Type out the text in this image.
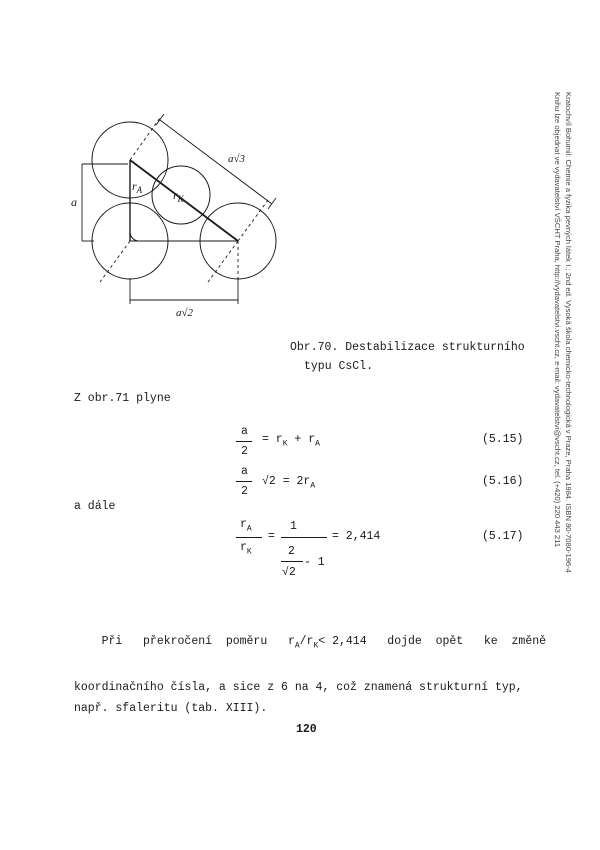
Kratochvíl Bohumil: Chemie a fyzika pevných látek I.; 2nd ed. Vysoká škola chemicko-technologická v Praze, Praha 1984. ISBN 80-7080-196-4
Knihu lze objednat ve vydavatelství VŠCHT Praha, http://vydavatelstvi.vscht.cz, e-mail: vydavatelstvi@vscht.cz, tel. (+420) 220 443 211
a
$r_A$	$r_K$
a√3
a√2
Obr.70. Destabilizace strukturního
typu CsCl.
Z obr.71 plyne
a
2
= $r_K + r_A$	(5.15)
a
2
$√2 = 2r_A$	(5.16)
a dále
$r_A$
$r_K$
=
1
2
√2
- 1
= 2,414	(5.17)

Při   překročení  poměru   $r_A/r_K< 2,414$   dojde  opět   ke  změně

koordinačního čísla, a sice z 6 na 4, což znamená strukturní typ,
např. sfaleritu (tab. XIII).
120
